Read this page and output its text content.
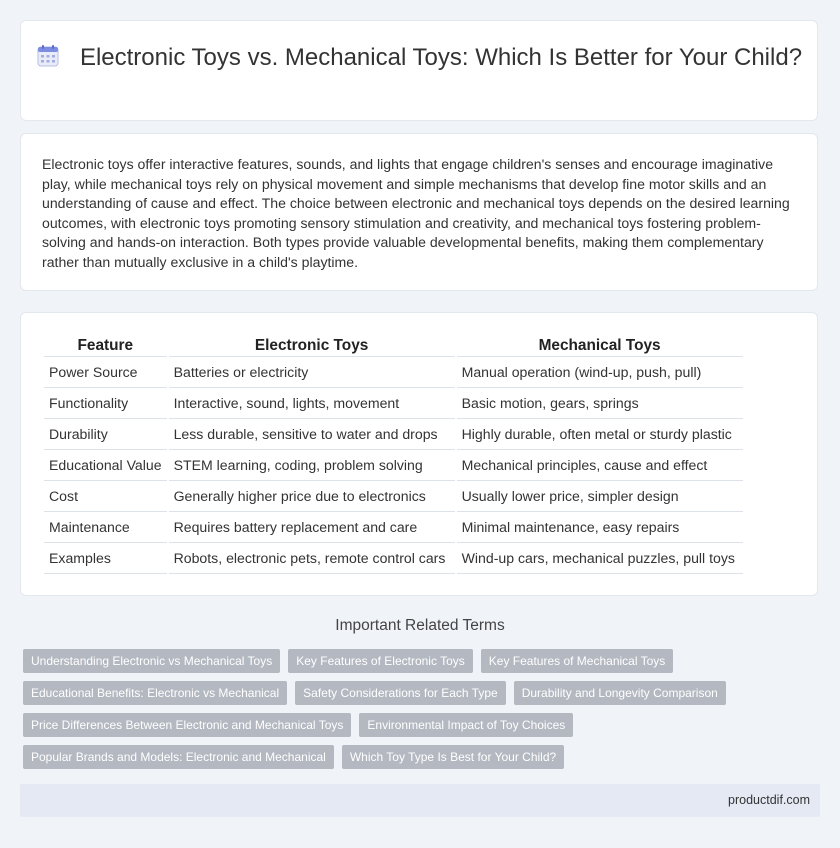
Electronic Toys vs. Mechanical Toys: Which Is Better for Your Child?
Electronic toys offer interactive features, sounds, and lights that engage children's senses and encourage imaginative play, while mechanical toys rely on physical movement and simple mechanisms that develop fine motor skills and an understanding of cause and effect. The choice between electronic and mechanical toys depends on the desired learning outcomes, with electronic toys promoting sensory stimulation and creativity, and mechanical toys fostering problem-solving and hands-on interaction. Both types provide valuable developmental benefits, making them complementary rather than mutually exclusive in a child's playtime.
Feature	Electronic Toys	Mechanical Toys
Power Source	Batteries or electricity	Manual operation (wind-up, push, pull)
Functionality	Interactive, sound, lights, movement	Basic motion, gears, springs
Durability	Less durable, sensitive to water and drops	Highly durable, often metal or sturdy plastic
Educational Value	STEM learning, coding, problem solving	Mechanical principles, cause and effect
Cost	Generally higher price due to electronics	Usually lower price, simpler design
Maintenance	Requires battery replacement and care	Minimal maintenance, easy repairs
Examples	Robots, electronic pets, remote control cars	Wind-up cars, mechanical puzzles, pull toys
Important Related Terms
Understanding Electronic vs Mechanical Toys	Key Features of Electronic Toys	Key Features of Mechanical Toys
Educational Benefits: Electronic vs Mechanical	Safety Considerations for Each Type	Durability and Longevity Comparison
Price Differences Between Electronic and Mechanical Toys	Environmental Impact of Toy Choices
Popular Brands and Models: Electronic and Mechanical	Which Toy Type Is Best for Your Child?
productdif.com
